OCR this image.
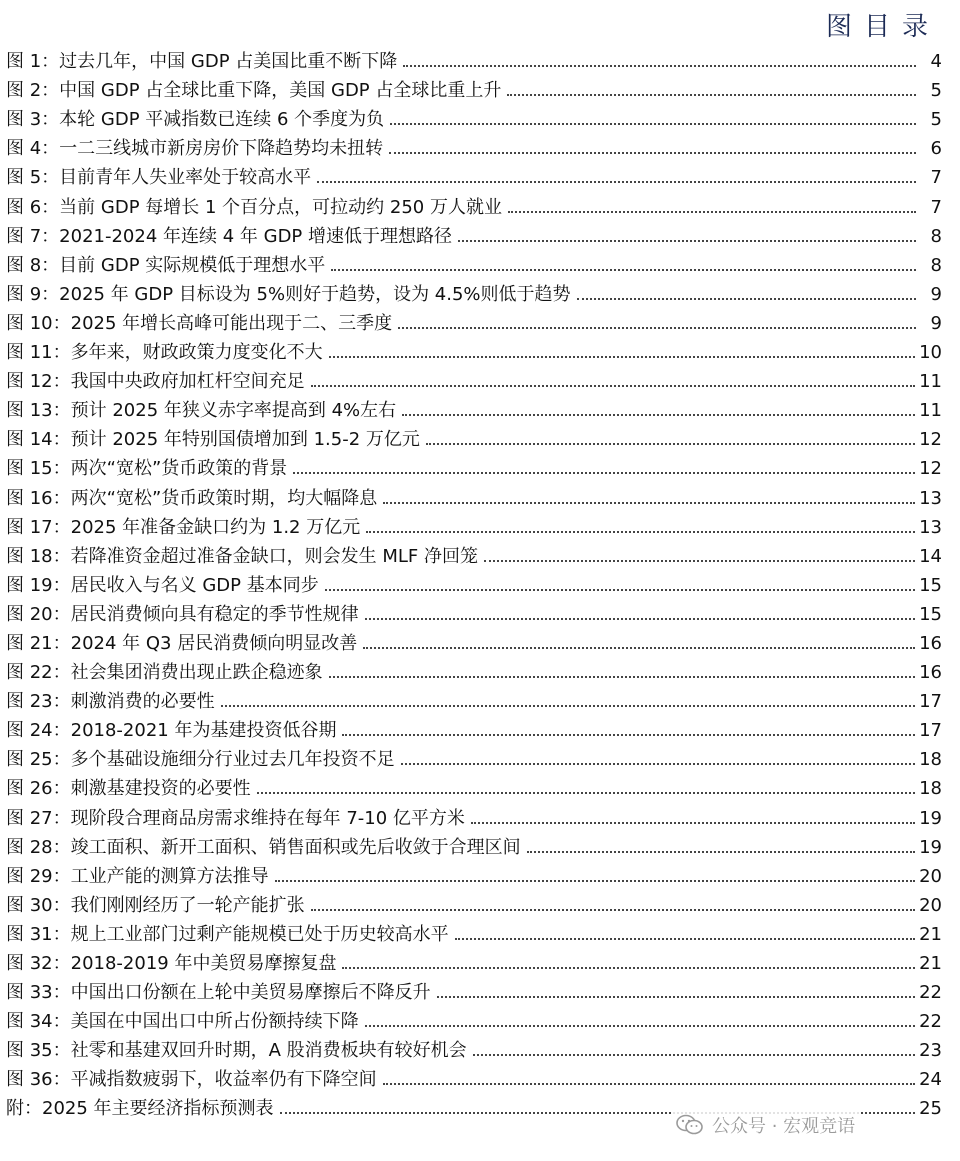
图目录
图 1：过去几年，中国 GDP 占美国比重不断下降	4
图 2：中国 GDP 占全球比重下降，美国 GDP 占全球比重上升	5
图 3：本轮 GDP 平减指数已连续 6 个季度为负	5
图 4：一二三线城市新房房价下降趋势均未扭转	6
图 5：目前青年人失业率处于较高水平	7
图 6：当前 GDP 每增长 1 个百分点，可拉动约 250 万人就业	7
图 7：2021-2024 年连续 4 年 GDP 增速低于理想路径	8
图 8：目前 GDP 实际规模低于理想水平	8
图 9：2025 年 GDP 目标设为 5%则好于趋势，设为 4.5%则低于趋势	9
图 10：2025 年增长高峰可能出现于二、三季度	9
图 11：多年来，财政政策力度变化不大	10
图 12：我国中央政府加杠杆空间充足	11
图 13：预计 2025 年狭义赤字率提高到 4%左右	11
图 14：预计 2025 年特别国债增加到 1.5-2 万亿元	12
图 15：两次“宽松”货币政策的背景	12
图 16：两次“宽松”货币政策时期，均大幅降息	13
图 17：2025 年准备金缺口约为 1.2 万亿元	13
图 18：若降准资金超过准备金缺口，则会发生 MLF 净回笼	14
图 19：居民收入与名义 GDP 基本同步	15
图 20：居民消费倾向具有稳定的季节性规律	15
图 21：2024 年 Q3 居民消费倾向明显改善	16
图 22：社会集团消费出现止跌企稳迹象	16
图 23：刺激消费的必要性	17
图 24：2018-2021 年为基建投资低谷期	17
图 25：多个基础设施细分行业过去几年投资不足	18
图 26：刺激基建投资的必要性	18
图 27：现阶段合理商品房需求维持在每年 7-10 亿平方米	19
图 28：竣工面积、新开工面积、销售面积或先后收敛于合理区间	19
图 29：工业产能的测算方法推导	20
图 30：我们刚刚经历了一轮产能扩张	20
图 31：规上工业部门过剩产能规模已处于历史较高水平	21
图 32：2018-2019 年中美贸易摩擦复盘	21
图 33：中国出口份额在上轮中美贸易摩擦后不降反升	22
图 34：美国在中国出口中所占份额持续下降	22
图 35：社零和基建双回升时期，A 股消费板块有较好机会	23
图 36：平减指数疲弱下，收益率仍有下降空间	24
附：2025 年主要经济指标预测表	25
公众号 · 宏观竞语
